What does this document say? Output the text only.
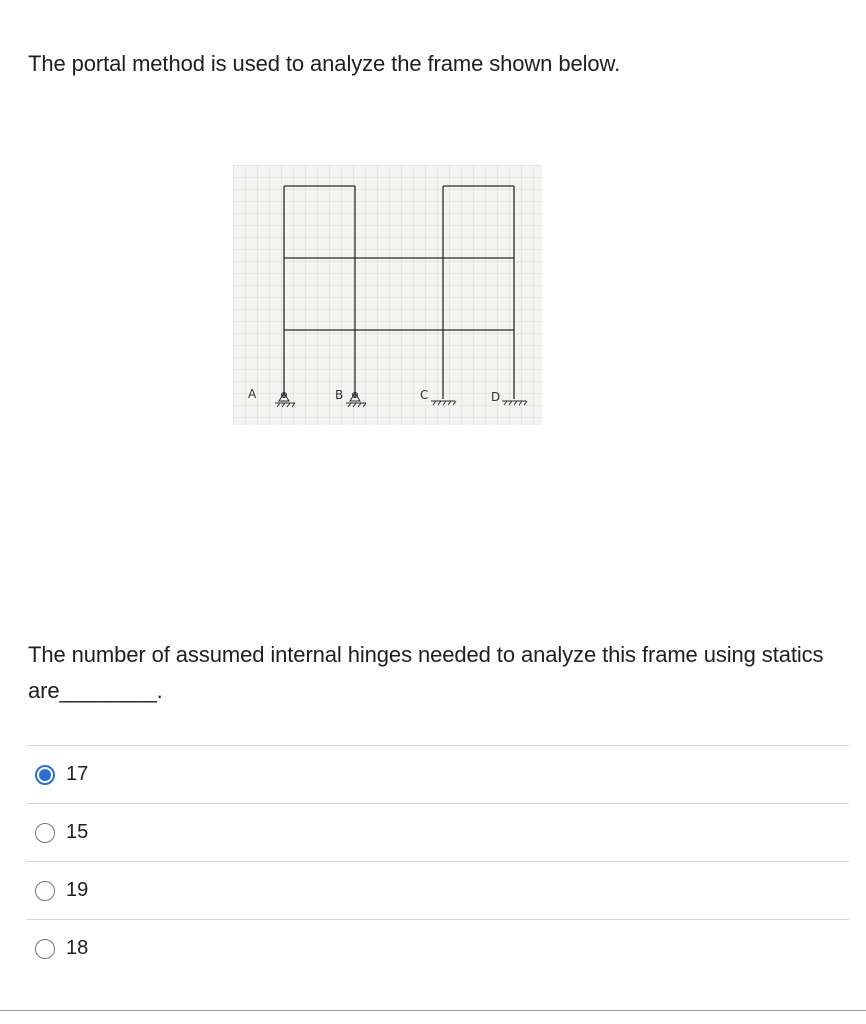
The portal method is used to analyze the frame shown below.
A	B	C	D
The number of assumed internal hinges needed to analyze this frame using statics are________.
17
15
19
18
